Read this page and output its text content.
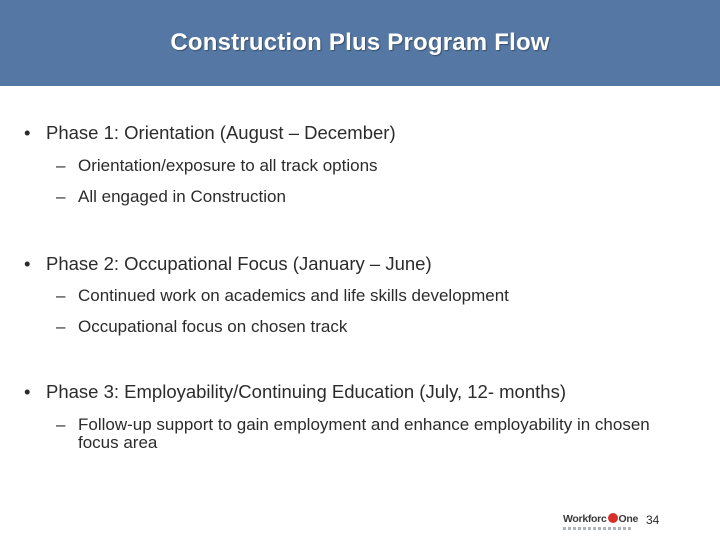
Construction Plus Program Flow
• Phase 1: Orientation (August – December)
– Orientation/exposure to all track options
– All engaged in Construction
• Phase 2: Occupational Focus (January – June)
– Continued work on academics and life skills development
– Occupational focus on chosen track
• Phase 3: Employability/Continuing Education (July, 12- months)
– Follow-up support to gain employment and enhance employability in chosen focus area
Workforc One 34
